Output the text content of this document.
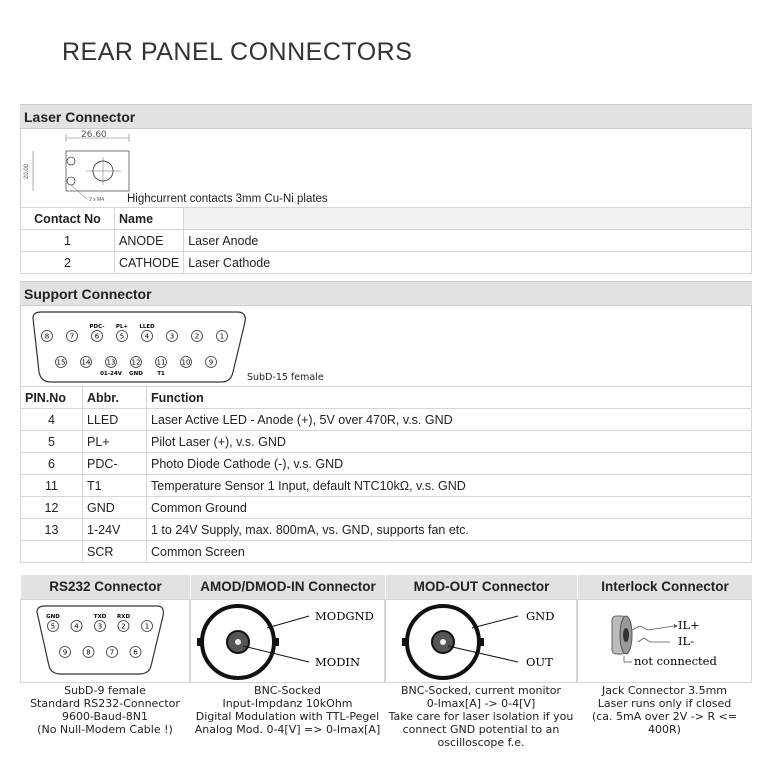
REAR PANEL CONNECTORS
Laser Connector
26.60
20.00
2 x M4 Highcurrent contacts 3mm Cu-Ni plates
Contact No	Name	
1	ANODE	Laser Anode
2	CATHODE	Laser Cathode
Support Connector
8	7	6
PDC-
5
PL+
4
LLED
3	2	1
15 14 13
01-24V
12
GND
11
T1
10	9
SubD-15 female
PIN.No	Abbr.	Function
4	LLED	Laser Active LED - Anode (+), 5V over 470R, v.s. GND
5	PL+	Pilot Laser (+), v.s. GND
6	PDC-	Photo Diode Cathode (-), v.s. GND
11	T1	Temperature Sensor 1 Input, default NTC10kΩ, v.s. GND
12	GND	Common Ground
13	1-24V	1 to 24V Supply, max. 800mA, vs. GND, supports fan etc.
	SCR	Common Screen
RS232 Connector	AMOD/DMOD-IN Connector	MOD-OUT Connector	Interlock Connector
5
GND
4	3
TXD
2
RXD
1
9	8	7	6
SubD-9 female
Standard RS232-Connector
9600-Baud-8N1
(No Null-Modem Cable !)
MODGND
MODIN
BNC-Socked
Input-Impdanz 10kOhm
Digital Modulation with TTL-Pegel
Analog Mod. 0-4[V] => 0-Imax[A]
GND
OUT
BNC-Socked, current monitor
0-Imax[A] -> 0-4[V]
Take care for laser isolation if you
connect GND potential to an
oscilloscope f.e.
IL+
IL-
not connected
Jack Connector 3.5mm
Laser runs only if closed
(ca. 5mA over 2V -> R <= 400R)
